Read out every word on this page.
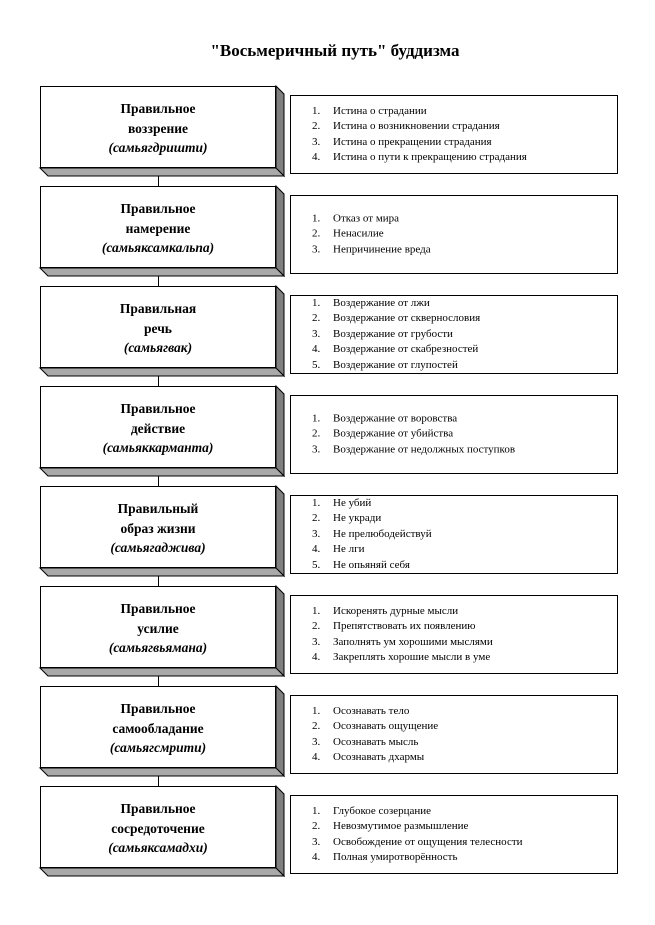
"Восьмеричный путь" буддизма
Правильное
воззрение
(самьягдришти)
1.	Истина о страдании
2.	Истина о возникновении страдания
3.	Истина о прекращении страдания
4.	Истина о пути к прекращению страдания
Правильное
намерение
(самьяксамкальпа)
1.	Отказ от мира
2.	Ненасилие
3.	Непричинение вреда
Правильная
речь
(самьягвак)
1.	Воздержание от лжи
2.	Воздержание от сквернословия
3.	Воздержание от грубости
4.	Воздержание от скабрезностей
5.	Воздержание от глупостей
Правильное
действие
(самьяккарманта)
1.	Воздержание от воровства
2.	Воздержание от убийства
3.	Воздержание от недолжных поступков
Правильный
образ жизни
(самьягаджива)
1.	Не убий
2.	Не укради
3.	Не прелюбодействуй
4.	Не лги
5.	Не опьяняй себя
Правильное
усилие
(самьягвьямана)
1.	Искоренять дурные мысли
2.	Препятствовать их появлению
3.	Заполнять ум хорошими мыслями
4.	Закреплять хорошие мысли в уме
Правильное
самообладание
(самьягсмрити)
1.	Осознавать тело
2.	Осознавать ощущение
3.	Осознавать мысль
4.	Осознавать дхармы
Правильное
сосредоточение
(самьяксамадхи)
1.	Глубокое созерцание
2.	Невозмутимое размышление
3.	Освобождение от ощущения телесности
4.	Полная умиротворённость
